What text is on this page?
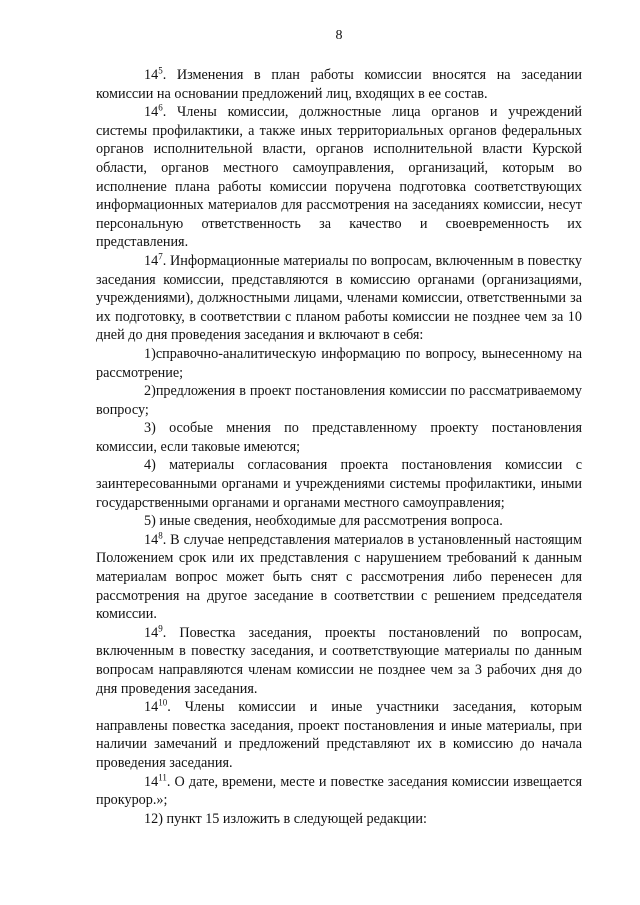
8

$14^5$. Изменения в план работы комиссии вносятся на заседании комиссии на основании предложений лиц, входящих в ее состав.

$14^6$. Члены комиссии, должностные лица органов и учреждений системы профилактики, а также иных территориальных органов федеральных органов исполнительной власти, органов исполнительной власти Курской области, органов местного самоуправления, организаций, которым во исполнение плана работы комиссии поручена подготовка соответствующих информационных материалов для рассмотрения на заседаниях комиссии, несут персональную ответственность за качество и своевременность их представления.

$14^7$. Информационные материалы по вопросам, включенным в повестку заседания комиссии, представляются в комиссию органами (организациями, учреждениями), должностными лицами, членами комиссии, ответственными за их подготовку, в соответствии с планом работы комиссии не позднее чем за 10 дней до дня проведения заседания и включают в себя:

1)справочно-аналитическую информацию по вопросу, вынесенному на рассмотрение;

2)предложения в проект постановления комиссии по рассматриваемому вопросу;

3) особые мнения по представленному проекту постановления комиссии, если таковые имеются;

4) материалы согласования проекта постановления комиссии с заинтересованными органами и учреждениями системы профилактики, иными государственными органами и органами местного самоуправления;

5) иные сведения, необходимые для рассмотрения вопроса.

$14^8$. В случае непредставления материалов в установленный настоящим Положением срок или их представления с нарушением требований к данным материалам вопрос может быть снят с рассмотрения либо перенесен для рассмотрения на другое заседание в соответствии с решением председателя комиссии.

$14^9$. Повестка заседания, проекты постановлений по вопросам, включенным в повестку заседания, и соответствующие материалы по данным вопросам направляются членам комиссии не позднее чем за 3 рабочих дня до дня проведения заседания.

$14^{10}$. Члены комиссии и иные участники заседания, которым направлены повестка заседания, проект постановления и иные материалы, при наличии замечаний и предложений представляют их в комиссию до начала проведения заседания.

$14^{11}$. О дате, времени, месте и повестке заседания комиссии извещается прокурор.»;

12) пункт 15 изложить в следующей редакции:
